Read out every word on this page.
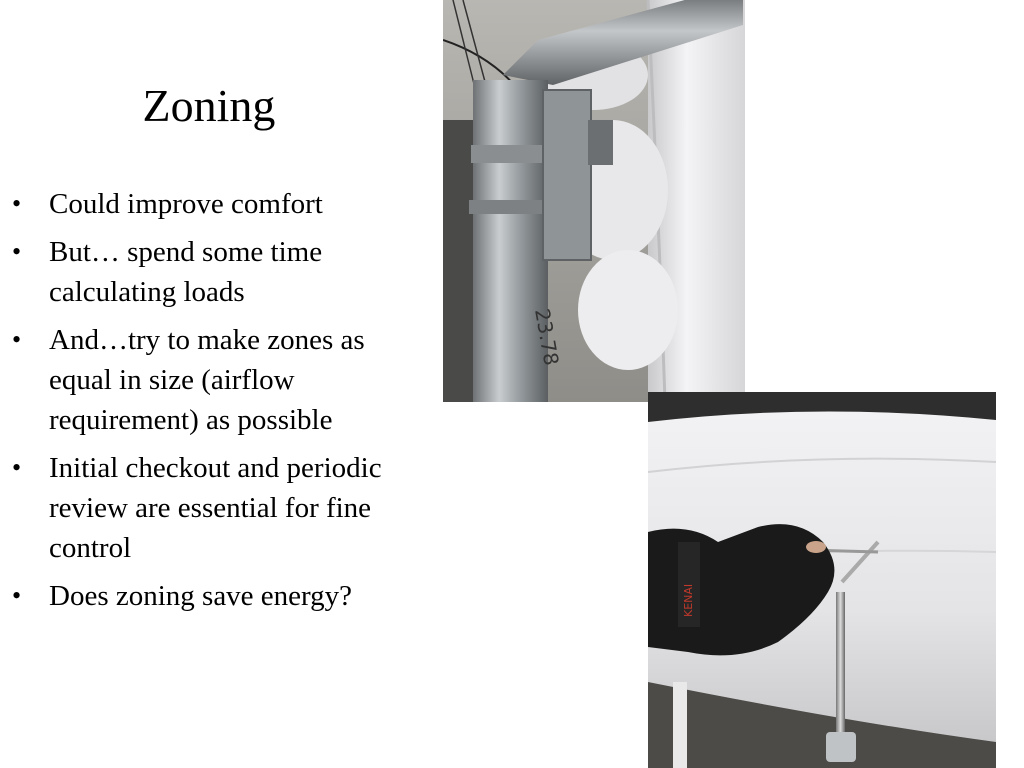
Zoning
• Could improve comfort
• But… spend some time calculating loads
• And…try to make zones as equal in size (airflow requirement) as possible
• Initial checkout and periodic review are essential for fine control
• Does zoning save energy?
23.78
KENAI
